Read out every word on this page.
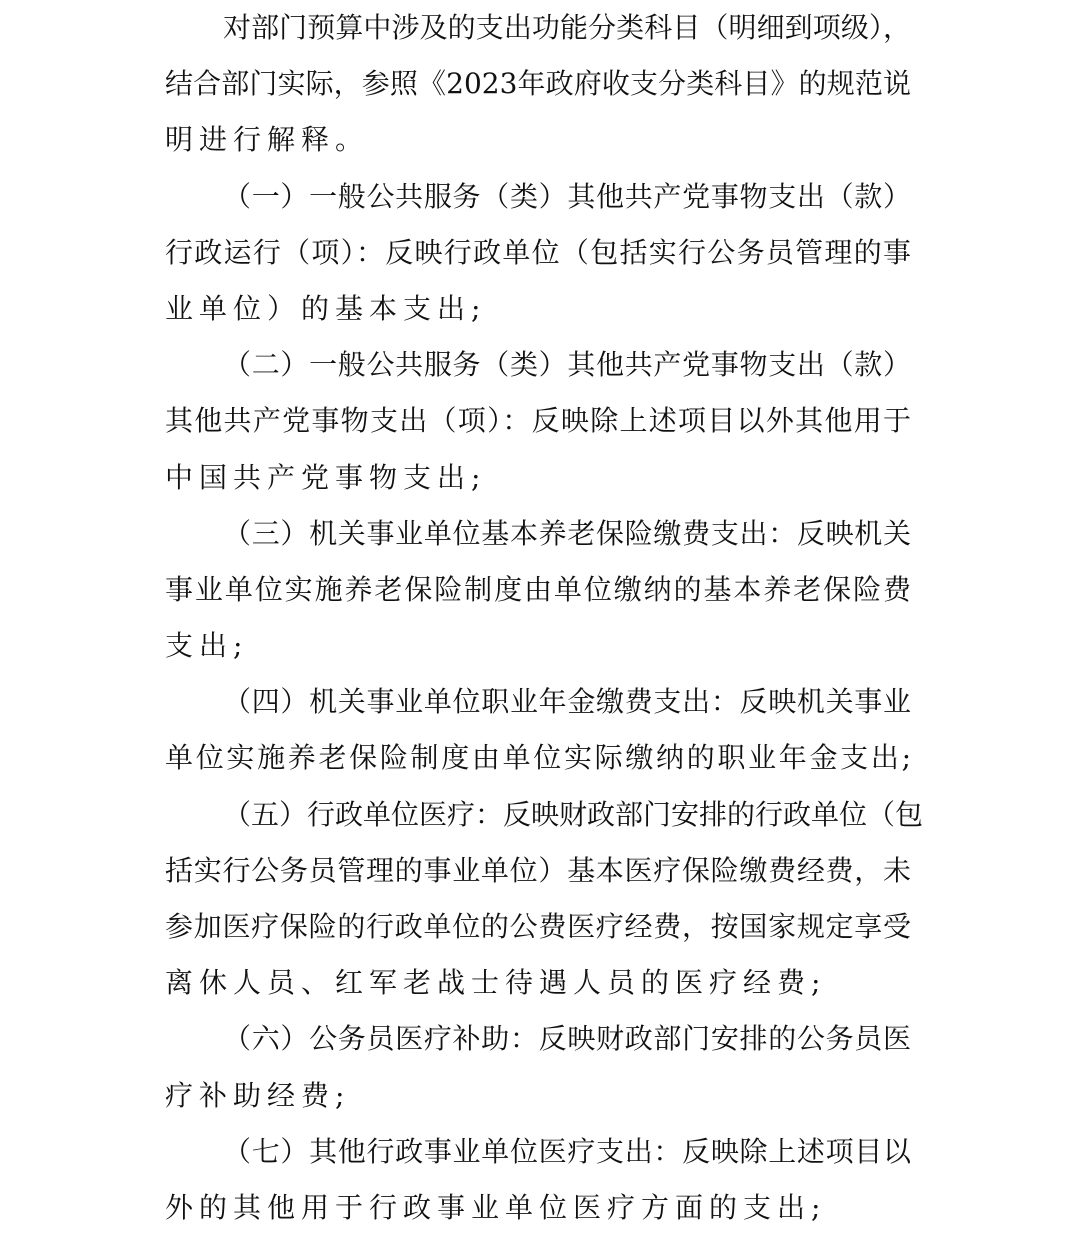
对部门预算中涉及的支出功能分类科目（明细到项级），
结合部门实际，参照《2023年政府收支分类科目》的规范说
明进行解释。
（一）一般公共服务（类）其他共产党事物支出（款）
行政运行（项）：反映行政单位（包括实行公务员管理的事
业单位）的基本支出;
（二）一般公共服务（类）其他共产党事物支出（款）
其他共产党事物支出（项）：反映除上述项目以外其他用于
中国共产党事物支出;
（三）机关事业单位基本养老保险缴费支出：反映机关
事业单位实施养老保险制度由单位缴纳的基本养老保险费
支出;
（四）机关事业单位职业年金缴费支出：反映机关事业
单位实施养老保险制度由单位实际缴纳的职业年金支出;
（五）行政单位医疗：反映财政部门安排的行政单位（包
括实行公务员管理的事业单位）基本医疗保险缴费经费，未
参加医疗保险的行政单位的公费医疗经费，按国家规定享受
离休人员、红军老战士待遇人员的医疗经费;
（六）公务员医疗补助：反映财政部门安排的公务员医
疗补助经费;
（七）其他行政事业单位医疗支出：反映除上述项目以
外的其他用于行政事业单位医疗方面的支出;
